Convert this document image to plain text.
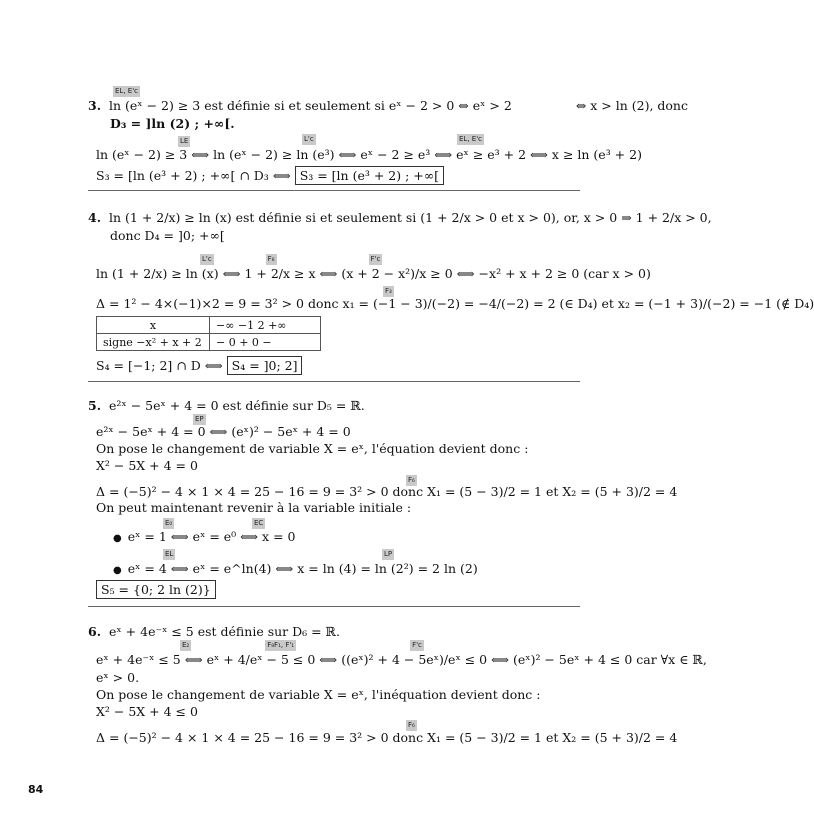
EL, E'c
3. ln (eˣ − 2) ≥ 3 est définie si et seulement si eˣ − 2 > 0 ⇔ eˣ > 2	⇔ x > ln (2), donc
D₃ = ]ln (2) ; +∞[.
LE	L'c	EL, E'c
ln (eˣ − 2) ≥ 3 ⟺ ln (eˣ − 2) ≥ ln (e³) ⟺ eˣ − 2 ≥ e³ ⟺ eˣ ≥ e³ + 2 ⟺ x ≥ ln (e³ + 2)
S₃ = [ln (e³ + 2) ; +∞[ ∩ D₃ ⟺ S₃ = [ln (e³ + 2) ; +∞[
4. ln (1 + 2/x) ≥ ln (x) est définie si et seulement si (1 + 2/x > 0 et x > 0), or, x > 0 ⇒ 1 + 2/x > 0,
donc D₄ = ]0; +∞[
L'c	F₈	F'c
ln (1 + 2/x) ≥ ln (x) ⟺ 1 + 2/x ≥ x ⟺ (x + 2 − x²)/x ≥ 0 ⟺ −x² + x + 2 ≥ 0 (car x > 0)
F₃
Δ = 1² − 4×(−1)×2 = 9 = 3² > 0 donc x₁ = (−1 − 3)/(−2) = −4/(−2) = 2 (∈ D₄) et x₂ = (−1 + 3)/(−2) = −1 (∉ D₄)
x	−∞ −1 2 +∞
signe −x² + x + 2	− 0 + 0 −
S₄ = [−1; 2] ∩ D ⟺ S₄ = ]0; 2]
5. e²ˣ − 5eˣ + 4 = 0 est définie sur D₅ = ℝ.
EP
e²ˣ − 5eˣ + 4 = 0 ⟺ (eˣ)² − 5eˣ + 4 = 0
On pose le changement de variable X = eˣ, l'équation devient donc :
X² − 5X + 4 = 0
F₆
Δ = (−5)² − 4 × 1 × 4 = 25 − 16 = 9 = 3² > 0 donc X₁ = (5 − 3)/2 = 1 et X₂ = (5 + 3)/2 = 4
On peut maintenant revenir à la variable initiale :
E₀	EC
● eˣ = 1 ⟺ eˣ = e⁰ ⟺ x = 0
EL	LP
● eˣ = 4 ⟺ eˣ = e^ln(4) ⟺ x = ln (4) = ln (2²) = 2 ln (2)
S₅ = {0; 2 ln (2)}
6. eˣ + 4e⁻ˣ ≤ 5 est définie sur D₆ = ℝ.
E₂	F₈F₁, F'₁	F'c
eˣ + 4e⁻ˣ ≤ 5 ⟺ eˣ + 4/eˣ − 5 ≤ 0 ⟺ ((eˣ)² + 4 − 5eˣ)/eˣ ≤ 0 ⟺ (eˣ)² − 5eˣ + 4 ≤ 0 car ∀x ∈ ℝ,
eˣ > 0.
On pose le changement de variable X = eˣ, l'inéquation devient donc :
X² − 5X + 4 ≤ 0
F₆
Δ = (−5)² − 4 × 1 × 4 = 25 − 16 = 9 = 3² > 0 donc X₁ = (5 − 3)/2 = 1 et X₂ = (5 + 3)/2 = 4
84
